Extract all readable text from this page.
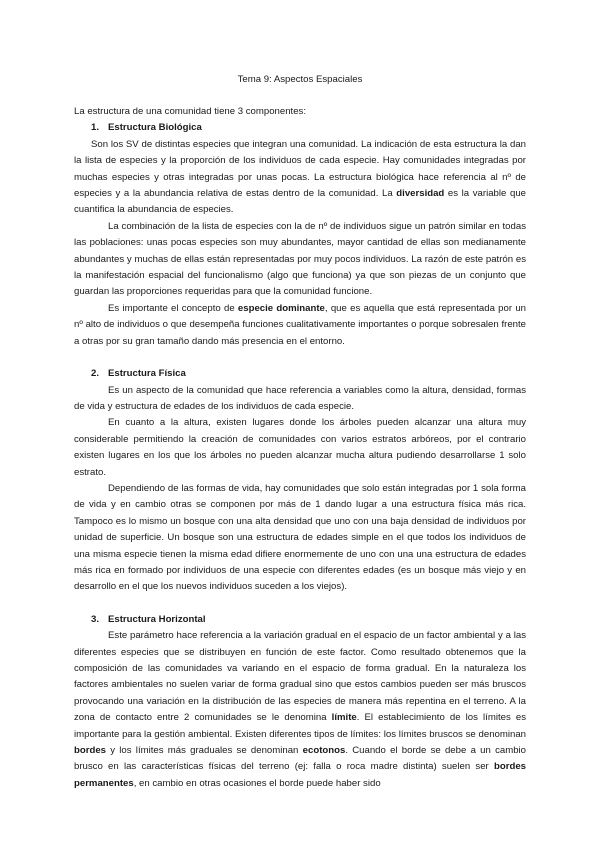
Tema 9: Aspectos Espaciales

La estructura de una comunidad tiene 3 componentes:

1. Estructura Biológica

Son los SV de distintas especies que integran una comunidad. La indicación de esta estructura la dan la lista de especies y la proporción de los individuos de cada especie. Hay comunidades integradas por muchas especies y otras integradas por unas pocas. La estructura biológica hace referencia al nº de especies y a la abundancia relativa de estas dentro de la comunidad. La diversidad es la variable que cuantifica la abundancia de especies.

La combinación de la lista de especies con la de nº de individuos sigue un patrón similar en todas las poblaciones: unas pocas especies son muy abundantes, mayor cantidad de ellas son medianamente abundantes y muchas de ellas están representadas por muy pocos individuos. La razón de este patrón es la manifestación espacial del funcionalismo (algo que funciona) ya que son piezas de un conjunto que guardan las proporciones requeridas para que la comunidad funcione.

Es importante el concepto de especie dominante, que es aquella que está representada por un nº alto de individuos o que desempeña funciones cualitativamente importantes o porque sobresalen frente a otras por su gran tamaño dando más presencia en el entorno.

2. Estructura Física

Es un aspecto de la comunidad que hace referencia a variables como la altura, densidad, formas de vida y estructura de edades de los individuos de cada especie.

En cuanto a la altura, existen lugares donde los árboles pueden alcanzar una altura muy considerable permitiendo la creación de comunidades con varios estratos arbóreos, por el contrario existen lugares en los que los árboles no pueden alcanzar mucha altura pudiendo desarrollarse 1 solo estrato.

Dependiendo de las formas de vida, hay comunidades que solo están integradas por 1 sola forma de vida y en cambio otras se componen por más de 1 dando lugar a una estructura física más rica. Tampoco es lo mismo un bosque con una alta densidad que uno con una baja densidad de individuos por unidad de superficie. Un bosque son una estructura de edades simple en el que todos los individuos de una misma especie tienen la misma edad difiere enormemente de uno con una una estructura de edades más rica en formado por individuos de una especie con diferentes edades (es un bosque más viejo y en desarrollo en el que los nuevos individuos suceden a los viejos).

3. Estructura Horizontal

Este parámetro hace referencia a la variación gradual en el espacio de un factor ambiental y a las diferentes especies que se distribuyen en función de este factor. Como resultado obtenemos que la composición de las comunidades va variando en el espacio de forma gradual. En la naturaleza los factores ambientales no suelen variar de forma gradual sino que estos cambios pueden ser más bruscos provocando una variación en la distribución de las especies de manera más repentina en el terreno. A la zona de contacto entre 2 comunidades se le denomina límite. El establecimiento de los límites es importante para la gestión ambiental. Existen diferentes tipos de límites: los límites bruscos se denominan bordes y los límites más graduales se denominan ecotonos. Cuando el borde se debe a un cambio brusco en las características físicas del terreno (ej: falla o roca madre distinta) suelen ser bordes permanentes, en cambio en otras ocasiones el borde puede haber sido
